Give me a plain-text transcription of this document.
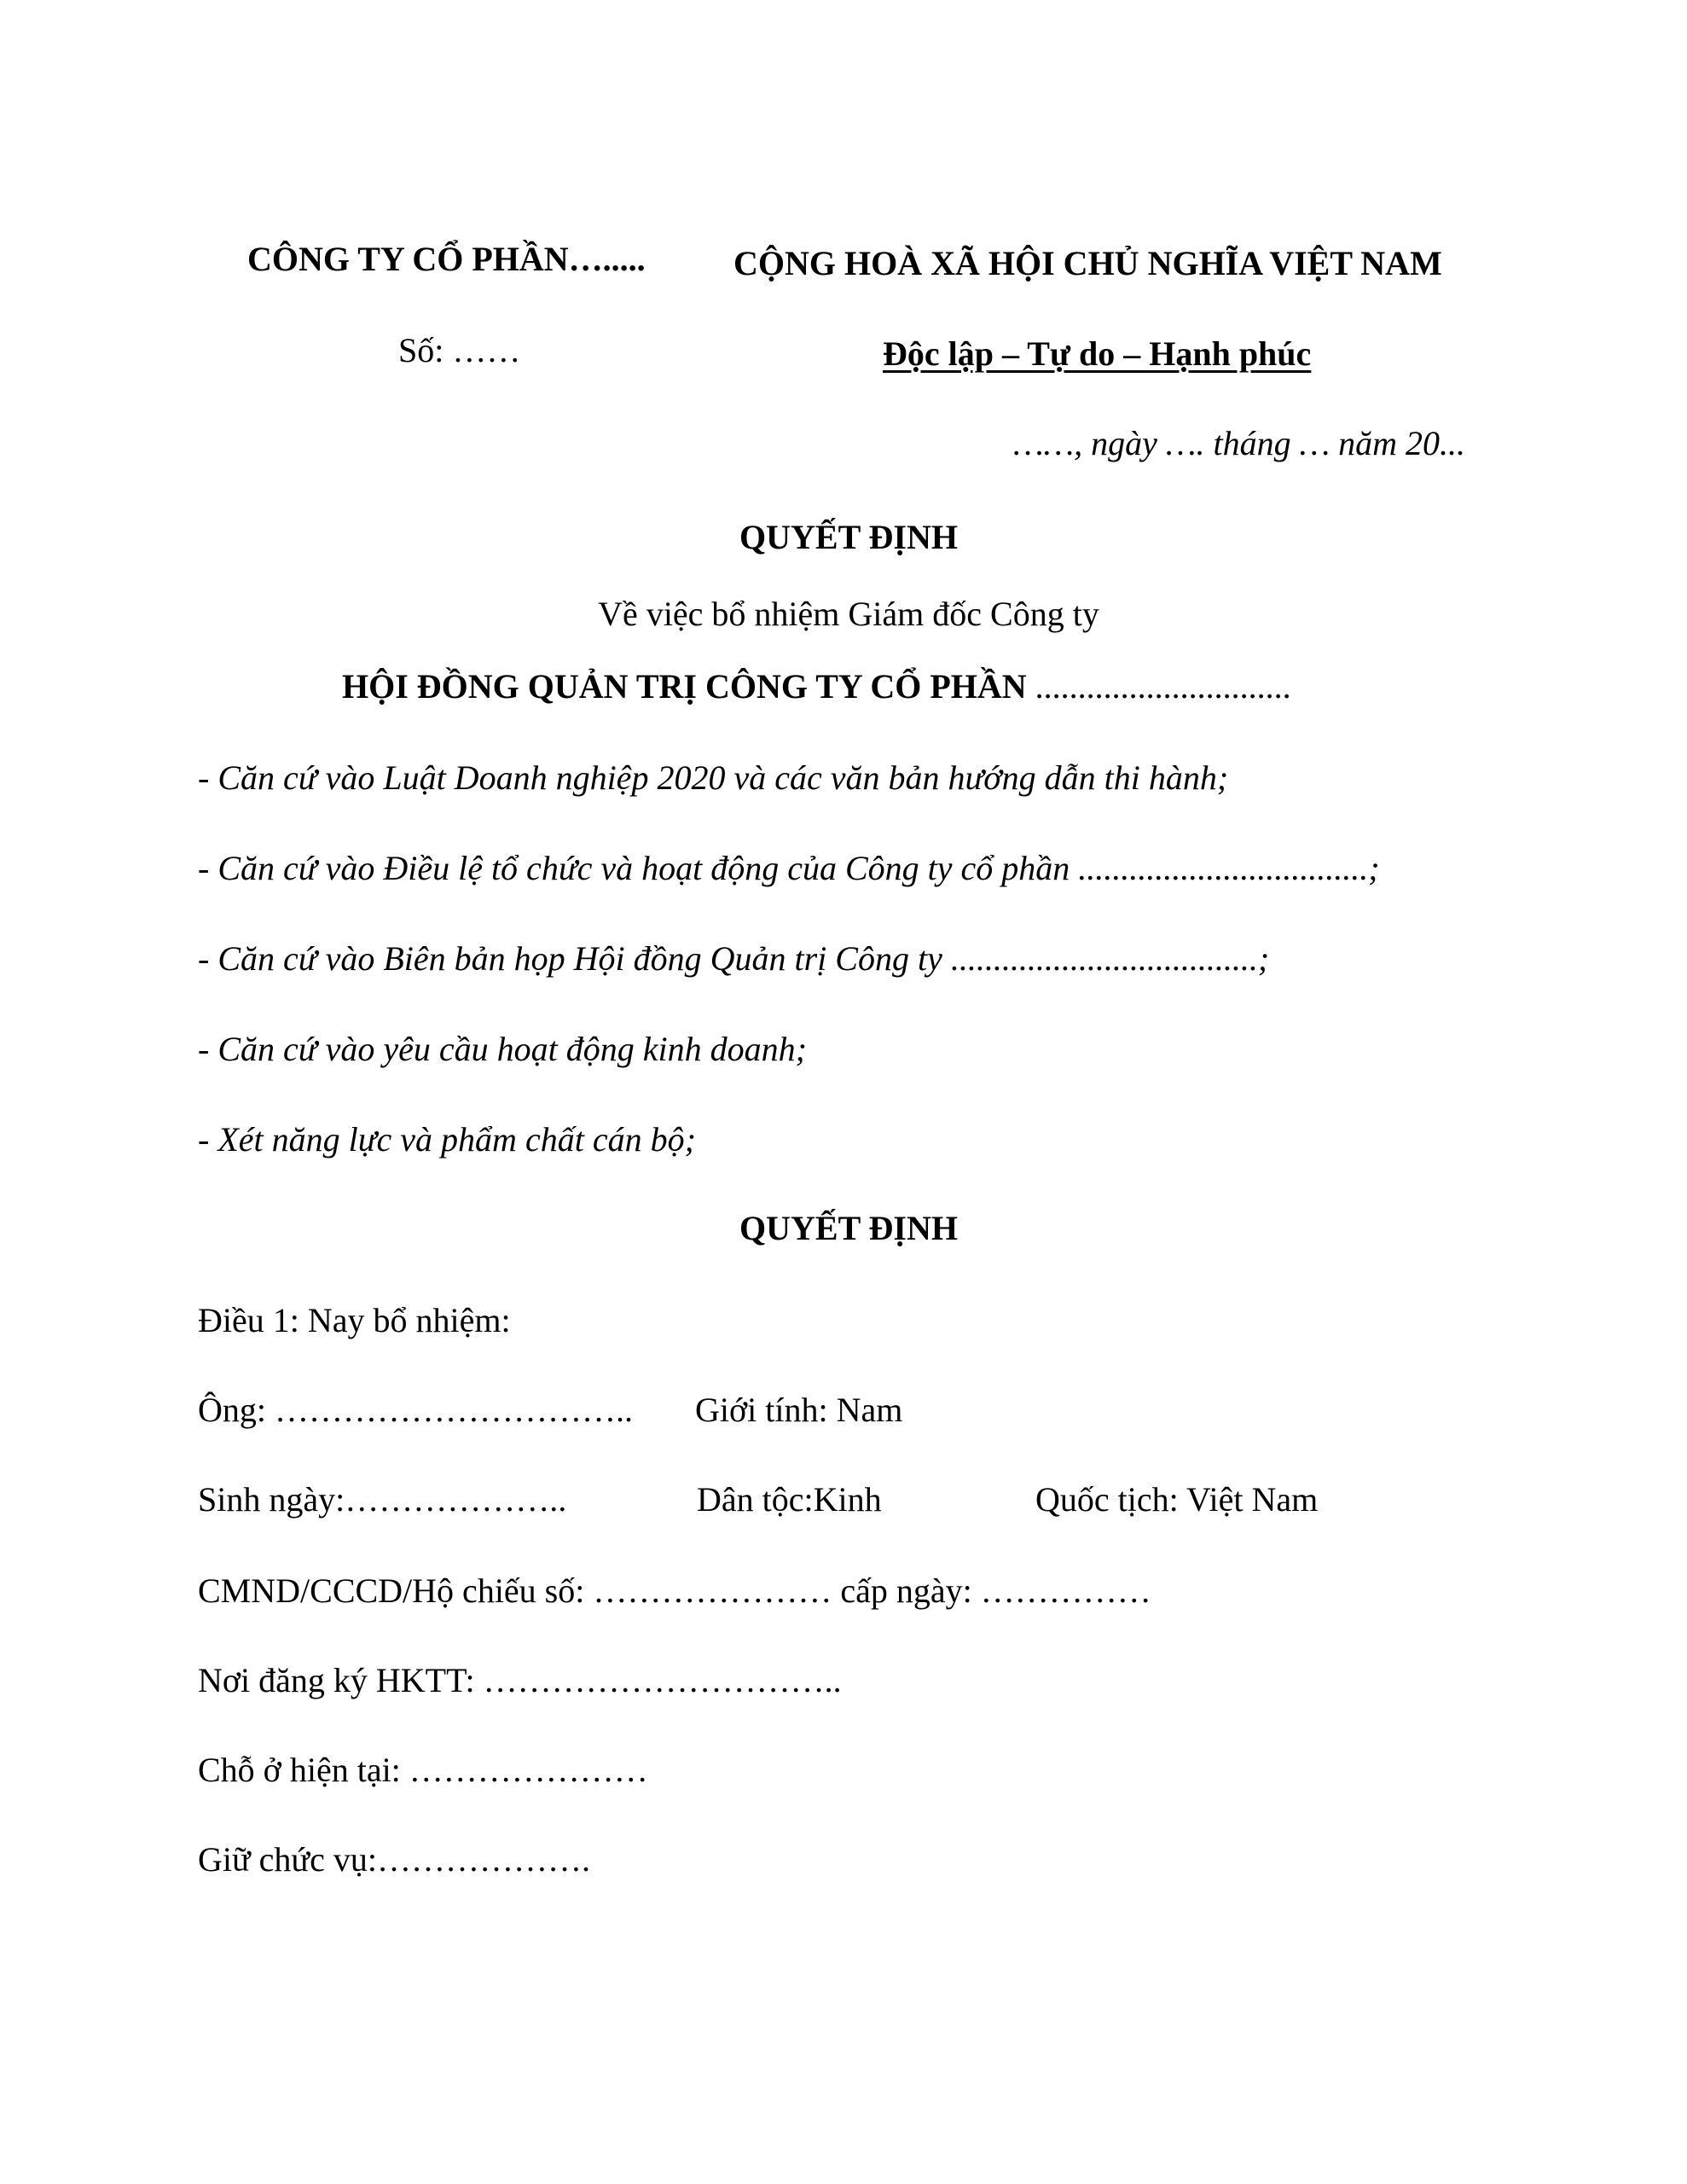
CÔNG TY CỔ PHẦN….....	CỘNG HOÀ XÃ HỘI CHỦ NGHĨA VIỆT NAM
Số: ……	Độc lập – Tự do – Hạnh phúc
……, ngày …. tháng … năm 20...
QUYẾT ĐỊNH
Về việc bổ nhiệm Giám đốc Công ty
HỘI ĐỒNG QUẢN TRỊ CÔNG TY CỔ PHẦN ..............................
- Căn cứ vào Luật Doanh nghiệp 2020 và các văn bản hướng dẫn thi hành;
- Căn cứ vào Điều lệ tổ chức và hoạt động của Công ty cổ phần ..................................;
- Căn cứ vào Biên bản họp Hội đồng Quản trị Công ty ....................................;
- Căn cứ vào yêu cầu hoạt động kinh doanh;
- Xét năng lực và phẩm chất cán bộ;
QUYẾT ĐỊNH
Điều 1: Nay bổ nhiệm:
Ông: ………………………….. Giới tính: Nam
Sinh ngày:………………..	Dân tộc:Kinh	Quốc tịch: Việt Nam
CMND/CCCD/Hộ chiếu số: ………………… cấp ngày: ……………
Nơi đăng ký HKTT: …………………………..
Chỗ ở hiện tại: …………………
Giữ chức vụ:……………….
